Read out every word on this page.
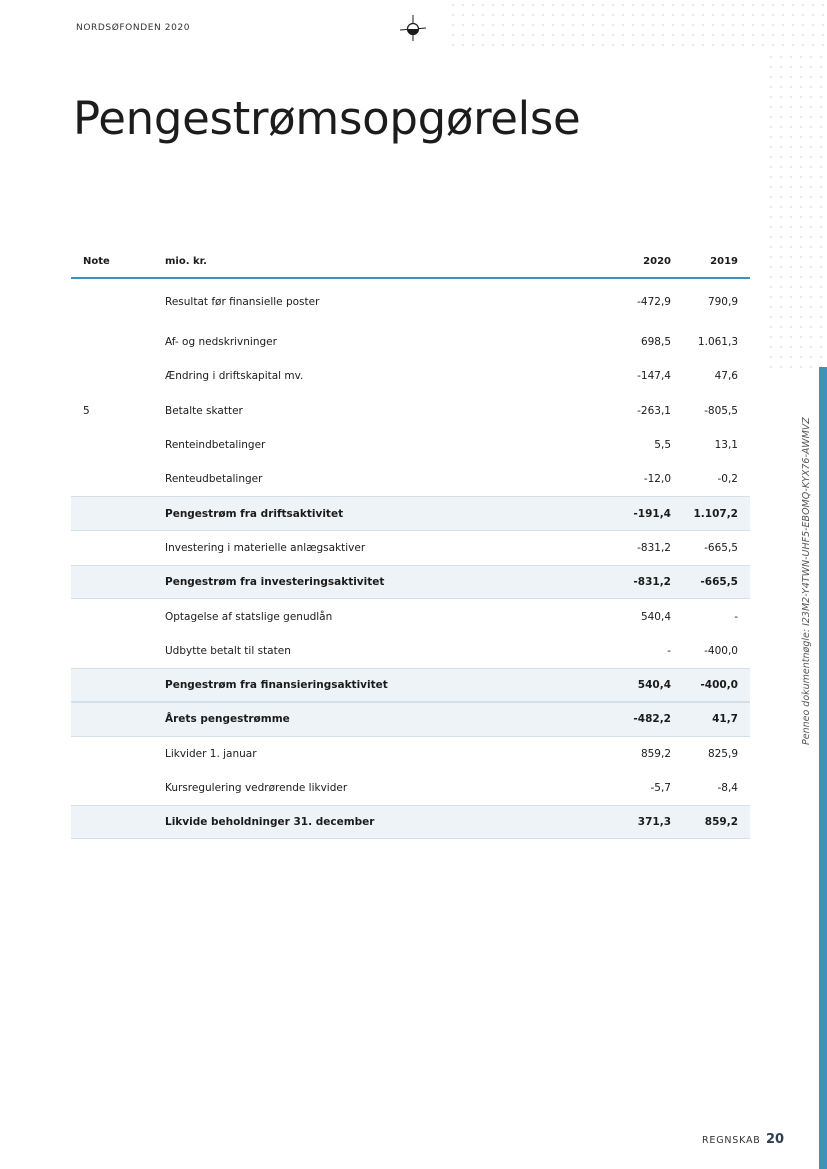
NORDSØFONDEN 2020
Pengestrømsopgørelse
Note	mio. kr.	2020	2019
Resultat før finansielle poster	-472,9	790,9
Af- og nedskrivninger	698,5	1.061,3
Ændring i driftskapital mv.	-147,4	47,6
5	Betalte skatter	-263,1	-805,5
Renteindbetalinger	5,5	13,1
Renteudbetalinger	-12,0	-0,2
Pengestrøm fra driftsaktivitet	-191,4	1.107,2
Investering i materielle anlægsaktiver	-831,2	-665,5
Pengestrøm fra investeringsaktivitet	-831,2	-665,5
Optagelse af statslige genudlån	540,4	-
Udbytte betalt til staten	-	-400,0
Pengestrøm fra finansieringsaktivitet	540,4	-400,0
Årets pengestrømme	-482,2	41,7
Likvider 1. januar	859,2	825,9
Kursregulering vedrørende likvider	-5,7	-8,4
Likvide beholdninger 31. december	371,3	859,2
Penneo dokumentnøgle: I23M2-Y4TWN-UHF5-EBOMQ-KYX76-AWMVZ
REGNSKAB 20
